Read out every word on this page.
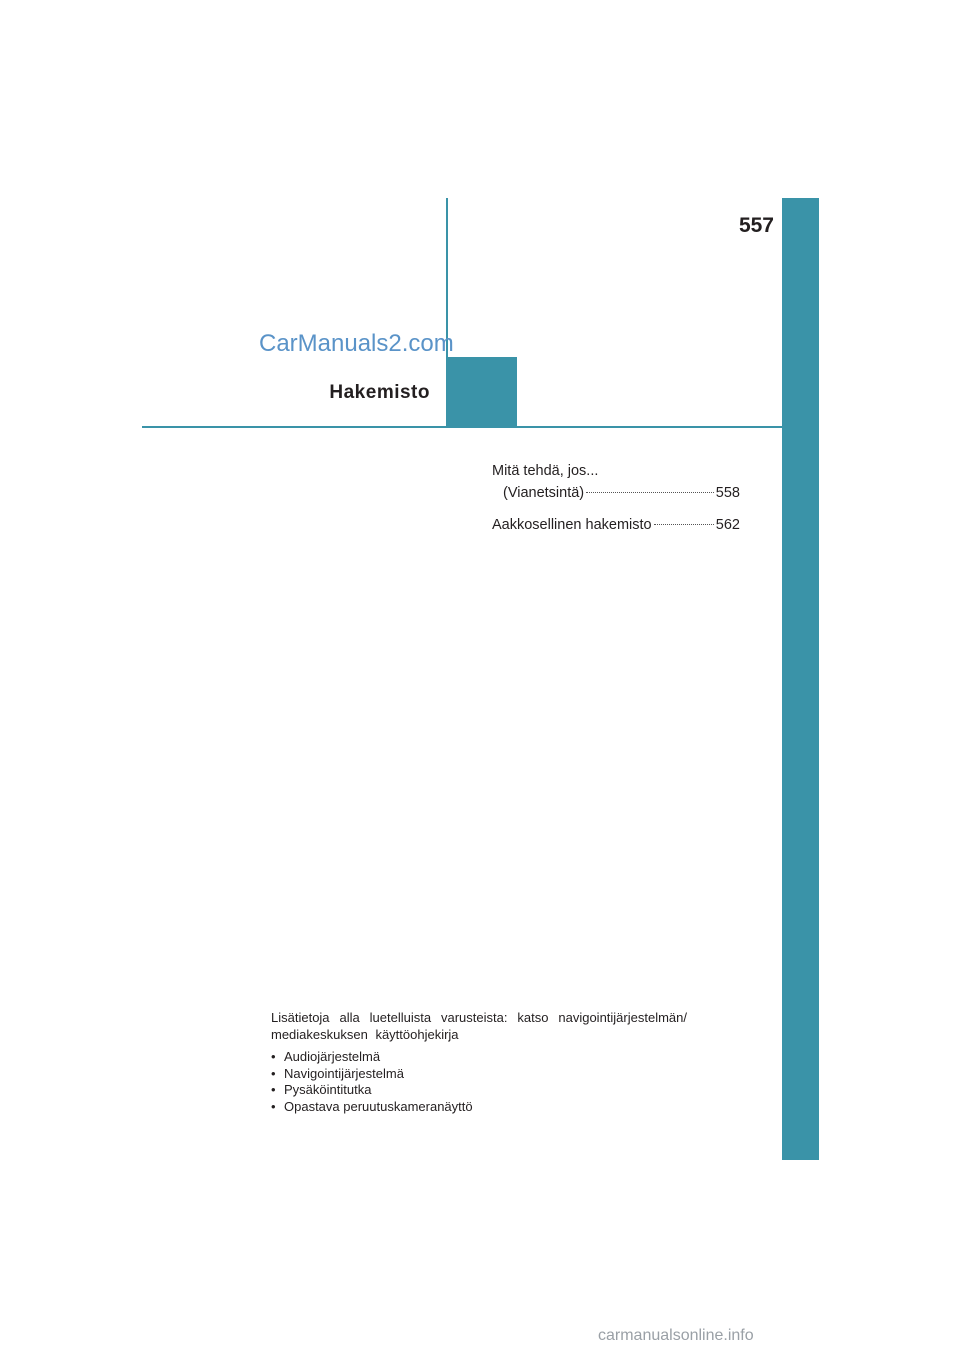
557
CarManuals2.com
Hakemisto
Mitä tehdä, jos...
(Vianetsintä)	558
Aakkosellinen hakemisto	562

Lisätietoja alla luetelluista varusteista: katso navigointijärjestelmän/ mediakeskuksen käyttöohjekirja

• Audiojärjestelmä
• Navigointijärjestelmä
• Pysäköintitutka
• Opastava peruutuskameranäyttö
carmanualsonline.info
